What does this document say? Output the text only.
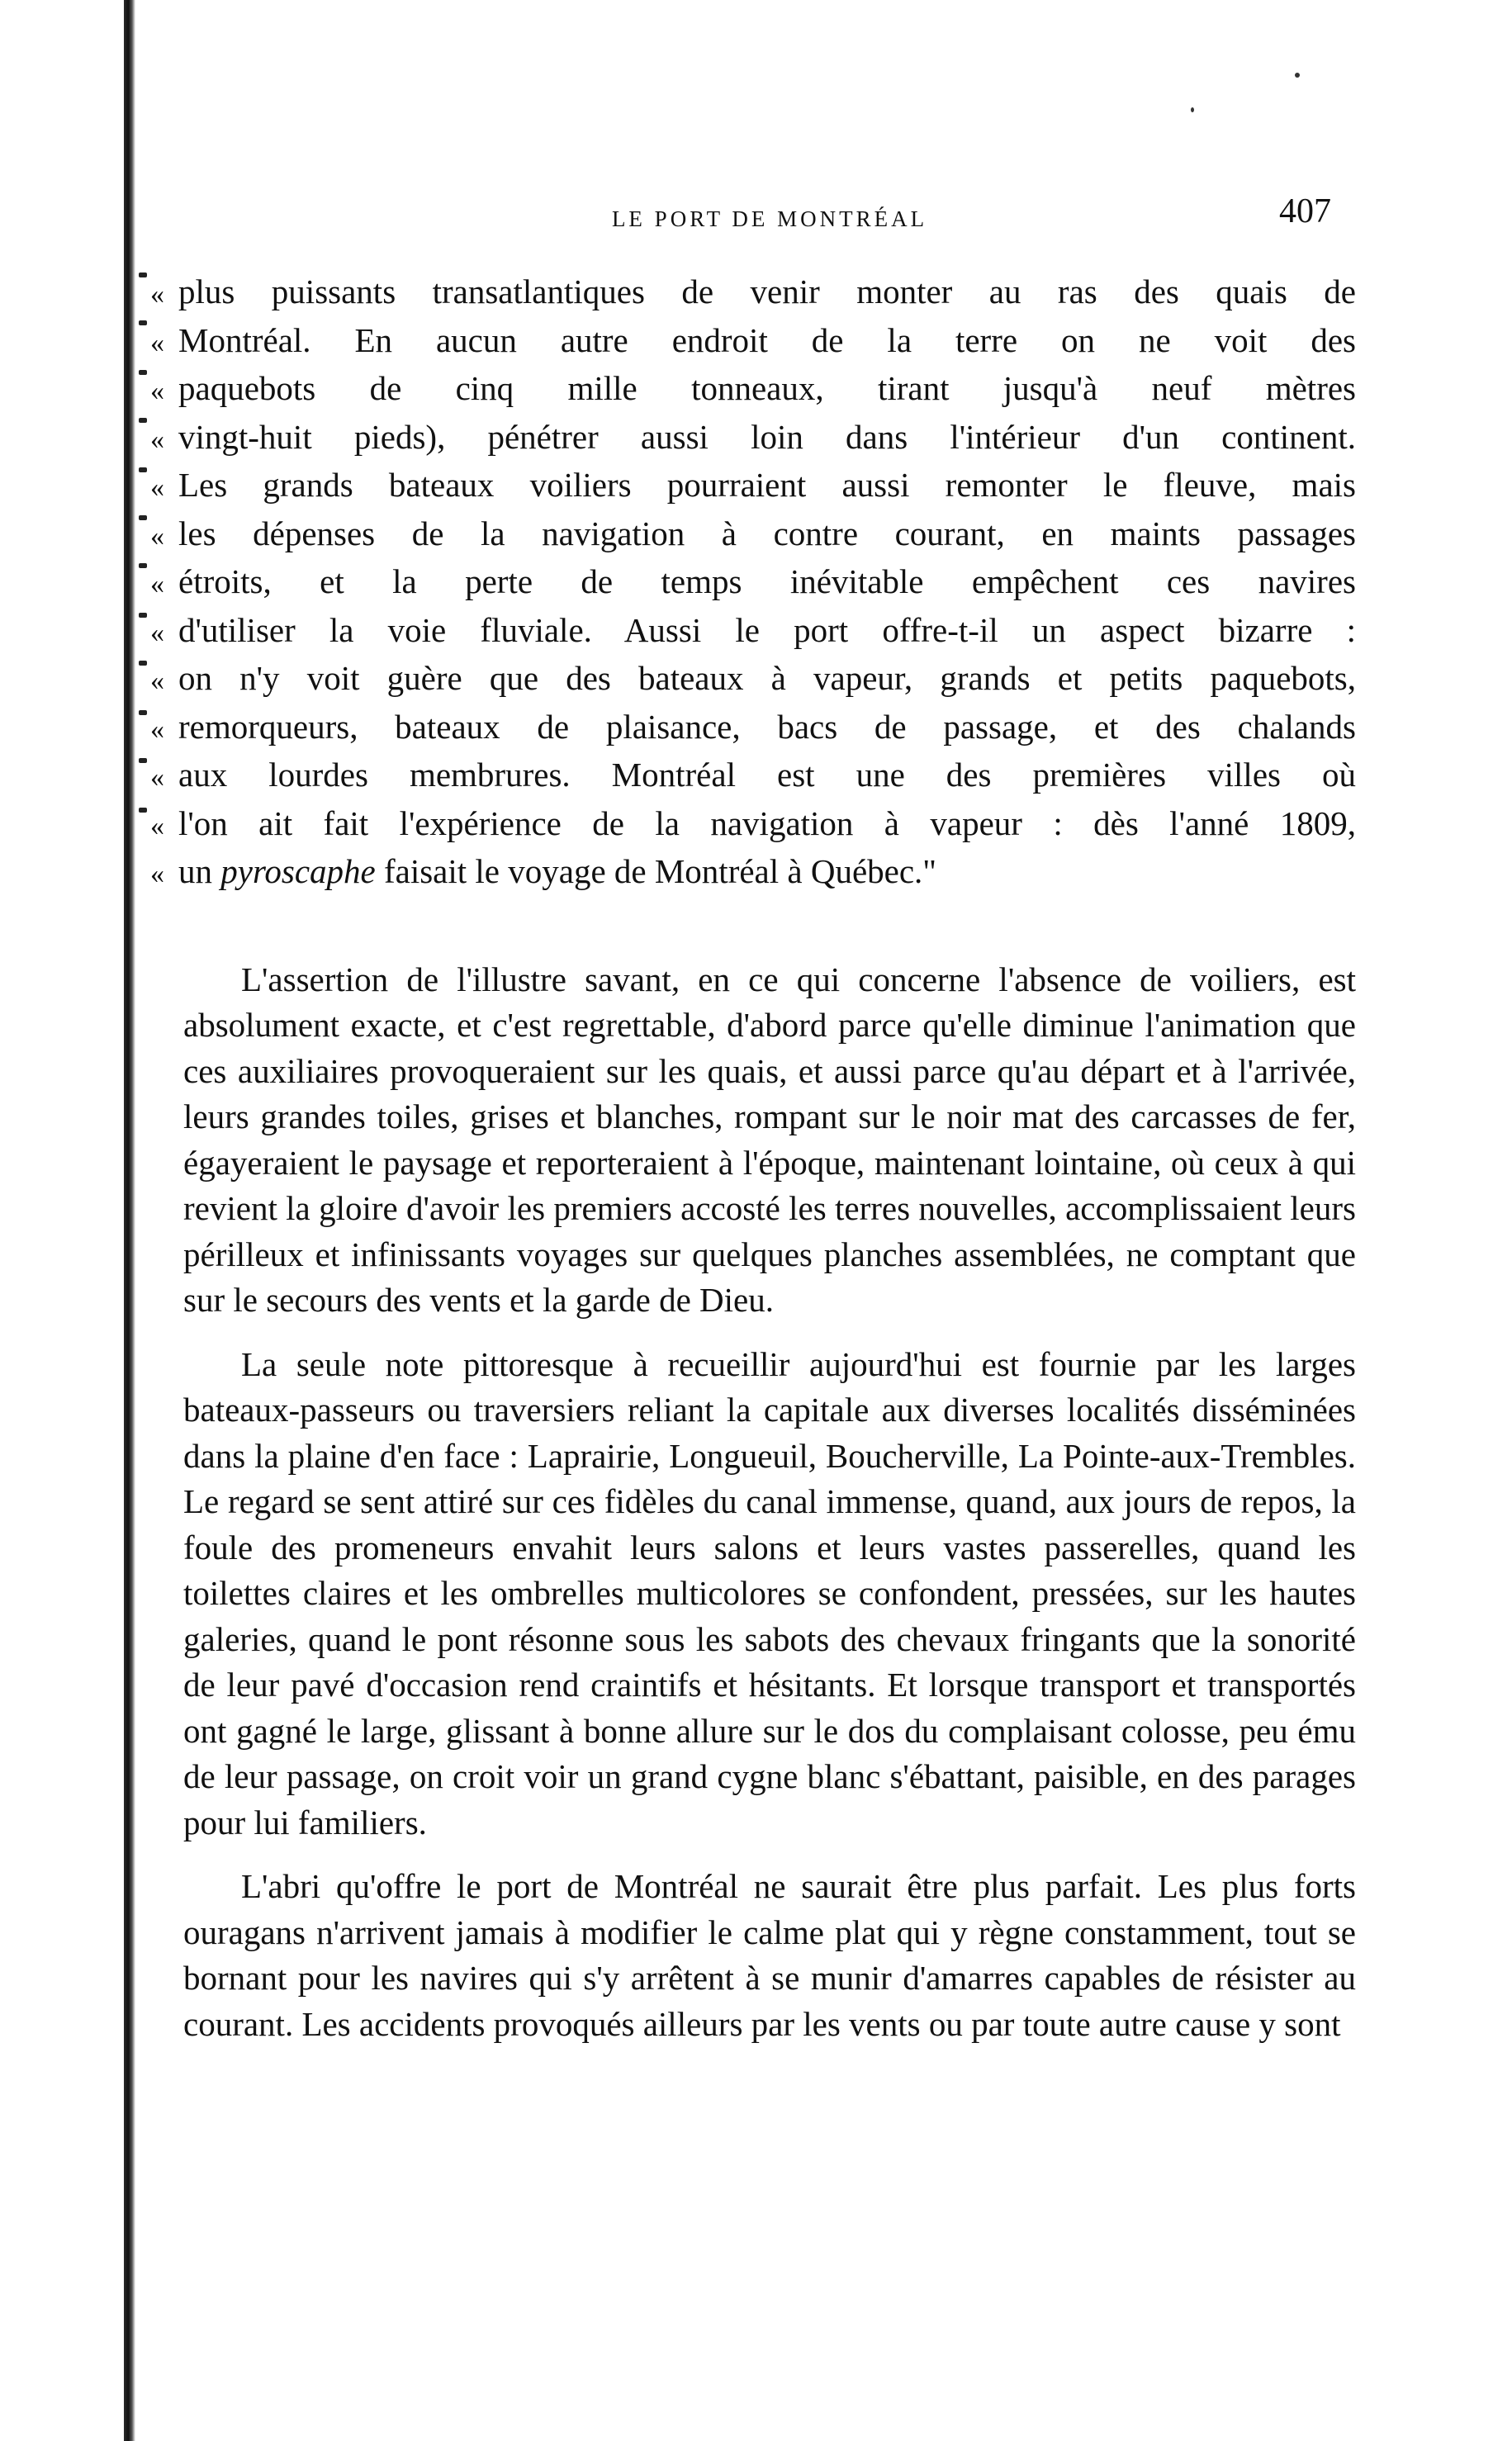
LE PORT DE MONTRÉAL	407
« plus puissants transatlantiques de venir monter au ras des quais de
« Montréal. En aucun autre endroit de la terre on ne voit des
« paquebots de cinq mille tonneaux, tirant jusqu'à neuf mètres
« vingt-huit pieds), pénétrer aussi loin dans l'intérieur d'un continent.
« Les grands bateaux voiliers pourraient aussi remonter le fleuve, mais
« les dépenses de la navigation à contre courant, en maints passages
« étroits, et la perte de temps inévitable empêchent ces navires
« d'utiliser la voie fluviale. Aussi le port offre-t-il un aspect bizarre :
« on n'y voit guère que des bateaux à vapeur, grands et petits paquebots,
« remorqueurs, bateaux de plaisance, bacs de passage, et des chalands
« aux lourdes membrures. Montréal est une des premières villes où
« l'on ait fait l'expérience de la navigation à vapeur : dès l'anné 1809,
« un pyroscaphe faisait le voyage de Montréal à Québec."

L'assertion de l'illustre savant, en ce qui concerne l'absence de voiliers, est absolument exacte, et c'est regrettable, d'abord parce qu'elle diminue l'animation que ces auxiliaires provoqueraient sur les quais, et aussi parce qu'au départ et à l'arrivée, leurs grandes toiles, grises et blanches, rompant sur le noir mat des carcasses de fer, égayeraient le paysage et reporteraient à l'époque, maintenant lointaine, où ceux à qui revient la gloire d'avoir les premiers accosté les terres nouvelles, accomplissaient leurs périlleux et infinissants voyages sur quelques planches assemblées, ne comptant que sur le secours des vents et la garde de Dieu.

La seule note pittoresque à recueillir aujourd'hui est fournie par les larges bateaux-passeurs ou traversiers reliant la capitale aux diverses localités disséminées dans la plaine d'en face : Laprairie, Longueuil, Boucherville, La Pointe-aux-Trembles. Le regard se sent attiré sur ces fidèles du canal immense, quand, aux jours de repos, la foule des promeneurs envahit leurs salons et leurs vastes passerelles, quand les toilettes claires et les ombrelles multicolores se confondent, pressées, sur les hautes galeries, quand le pont résonne sous les sabots des chevaux fringants que la sonorité de leur pavé d'occasion rend craintifs et hésitants. Et lorsque transport et transportés ont gagné le large, glissant à bonne allure sur le dos du complaisant colosse, peu ému de leur passage, on croit voir un grand cygne blanc s'ébattant, paisible, en des parages pour lui familiers.

L'abri qu'offre le port de Montréal ne saurait être plus parfait. Les plus forts ouragans n'arrivent jamais à modifier le calme plat qui y règne constamment, tout se bornant pour les navires qui s'y arrêtent à se munir d'amarres capables de résister au courant. Les accidents provoqués ailleurs par les vents ou par toute autre cause y sont
